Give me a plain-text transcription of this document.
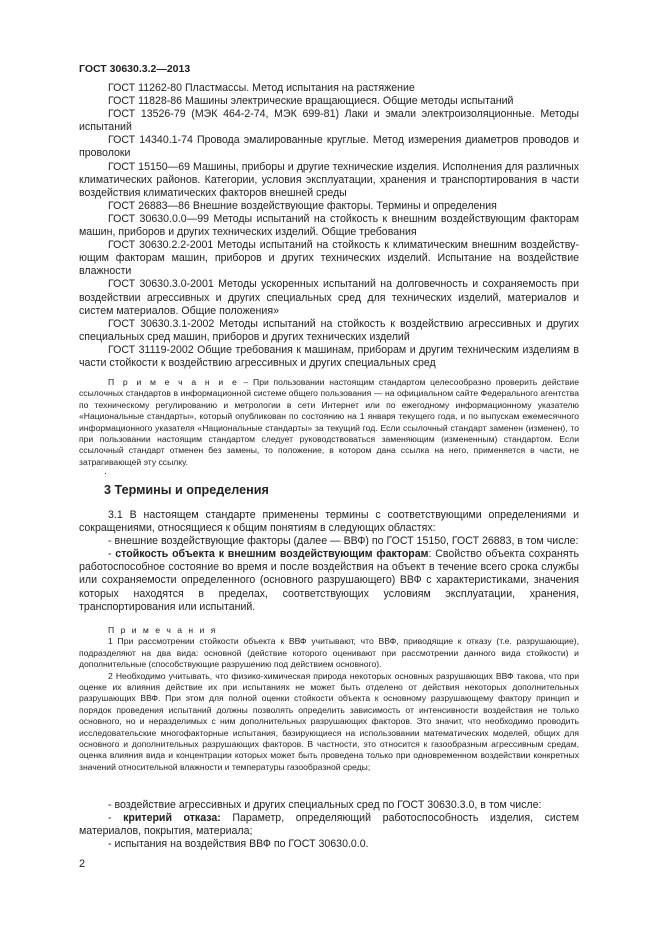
ГОСТ 30630.3.2—2013

ГОСТ 11262-80 Пластмассы. Метод испытания на растяжение

ГОСТ 11828-86 Машины электрические вращающиеся. Общие методы испытаний

ГОСТ 13526-79 (МЭК 464-2-74, МЭК 699-81) Лаки и эмали электроизоляционные. Методы испытаний

ГОСТ 14340.1-74 Провода эмалированные круглые. Метод измерения диаметров проводов и проволоки

ГОСТ 15150—69 Машины, приборы и другие технические изделия. Исполнения для различных климатических районов. Категории, условия эксплуатации, хранения и транспортирования в части воздействия климатических факторов внешней среды

ГОСТ 26883—86 Внешние воздействующие факторы. Термины и определения

ГОСТ 30630.0.0—99 Методы испытаний на стойкость к внешним воздействующим факторам машин, приборов и других технических изделий. Общие требования

ГОСТ 30630.2.2-2001 Методы испытаний на стойкость к климатическим внешним воздействующим факторам машин, приборов и других технических изделий. Испытание на воздействие влажности

ГОСТ 30630.3.0-2001 Методы ускоренных испытаний на долговечность и сохраняемость при воздействии агрессивных и других специальных сред для технических изделий, материалов и систем материалов. Общие положения»

ГОСТ 30630.3.1-2002 Методы испытаний на стойкость к воздействию агрессивных и других специальных сред машин, приборов и других технических изделий

ГОСТ 31119-2002 Общие требования к машинам, приборам и другим техническим изделиям в части стойкости к воздействию агрессивных и других специальных сред

П р и м е ч а н и е – При пользовании настоящим стандартом целесообразно проверить действие ссылочных стандартов в информационной системе общего пользования — на официальном сайте Федерального агентства по техническому регулированию и метрологии в сети Интернет или по ежегодному информационному указателю «Национальные стандарты», который опубликован по состоянию на 1 января текущего года, и по выпускам ежемесячного информационного указателя «Национальные стандарты» за текущий год. Если ссылочный стандарт заменен (изменен), то при пользовании настоящим стандартом следует руководствоваться заменяющим (измененным) стандартом. Если ссылочный стандарт отменен без замены, то положение, в котором дана ссылка на него, применяется в части, не затрагивающей эту ссылку.

.
3 Термины и определения

3.1 В настоящем стандарте применены термины с соответствующими определениями и сокращениями, относящиеся к общим понятиям в следующих областях:

- внешние воздействующие факторы (далее — ВВФ) по ГОСТ 15150, ГОСТ 26883, в том числе:

- стойкость объекта к внешним воздействующим факторам: Свойство объекта сохранять работоспособное состояние во время и после воздействия на объект в течение всего срока службы или сохраняемости определенного (основного разрушающего) ВВФ с характеристиками, значения которых находятся в пределах, соответствующих условиям эксплуатации, хранения, транспортирования или испытаний.

П р и м е ч а н и я

1 При рассмотрении стойкости объекта к ВВФ учитывают, что ВВФ, приводящие к отказу (т.е. разрушающие), подразделяют на два вида: основной (действие которого оценивают при рассмотрении данного вида стойкости) и дополнительные (способствующие разрушению под действием основного).

2 Необходимо учитывать, что физико-химическая природа некоторых основных разрушающих ВВФ такова, что при оценке их влияния действие их при испытаниях не может быть отделено от действия некоторых дополнительных разрушающих ВВФ. При этом для полной оценки стойкости объекта к основному разрушающему фактору принцип и порядок проведения испытаний должны позволять определить зависимость от интенсивности воздействия не только основного, но и неразделимых с ним дополнительных разрушающих факторов. Это значит, что необходимо проводить исследовательские многофакторные испытания, базирующиеся на использовании математических моделей, общих для основного и дополнительных разрушающих факторов. В частности, это относится к газообразным агрессивным средам, оценка влияния вида и концентрации которых может быть проведена только при одновременном воздействии конкретных значений относительной влажности и температуры газообразной среды;

- воздействие агрессивных и других специальных сред по ГОСТ 30630.3.0, в том числе:

- критерий отказа: Параметр, определяющий работоспособность изделия, систем материалов, покрытия, материала;

- испытания на воздействия ВВФ по ГОСТ 30630.0.0.

2
